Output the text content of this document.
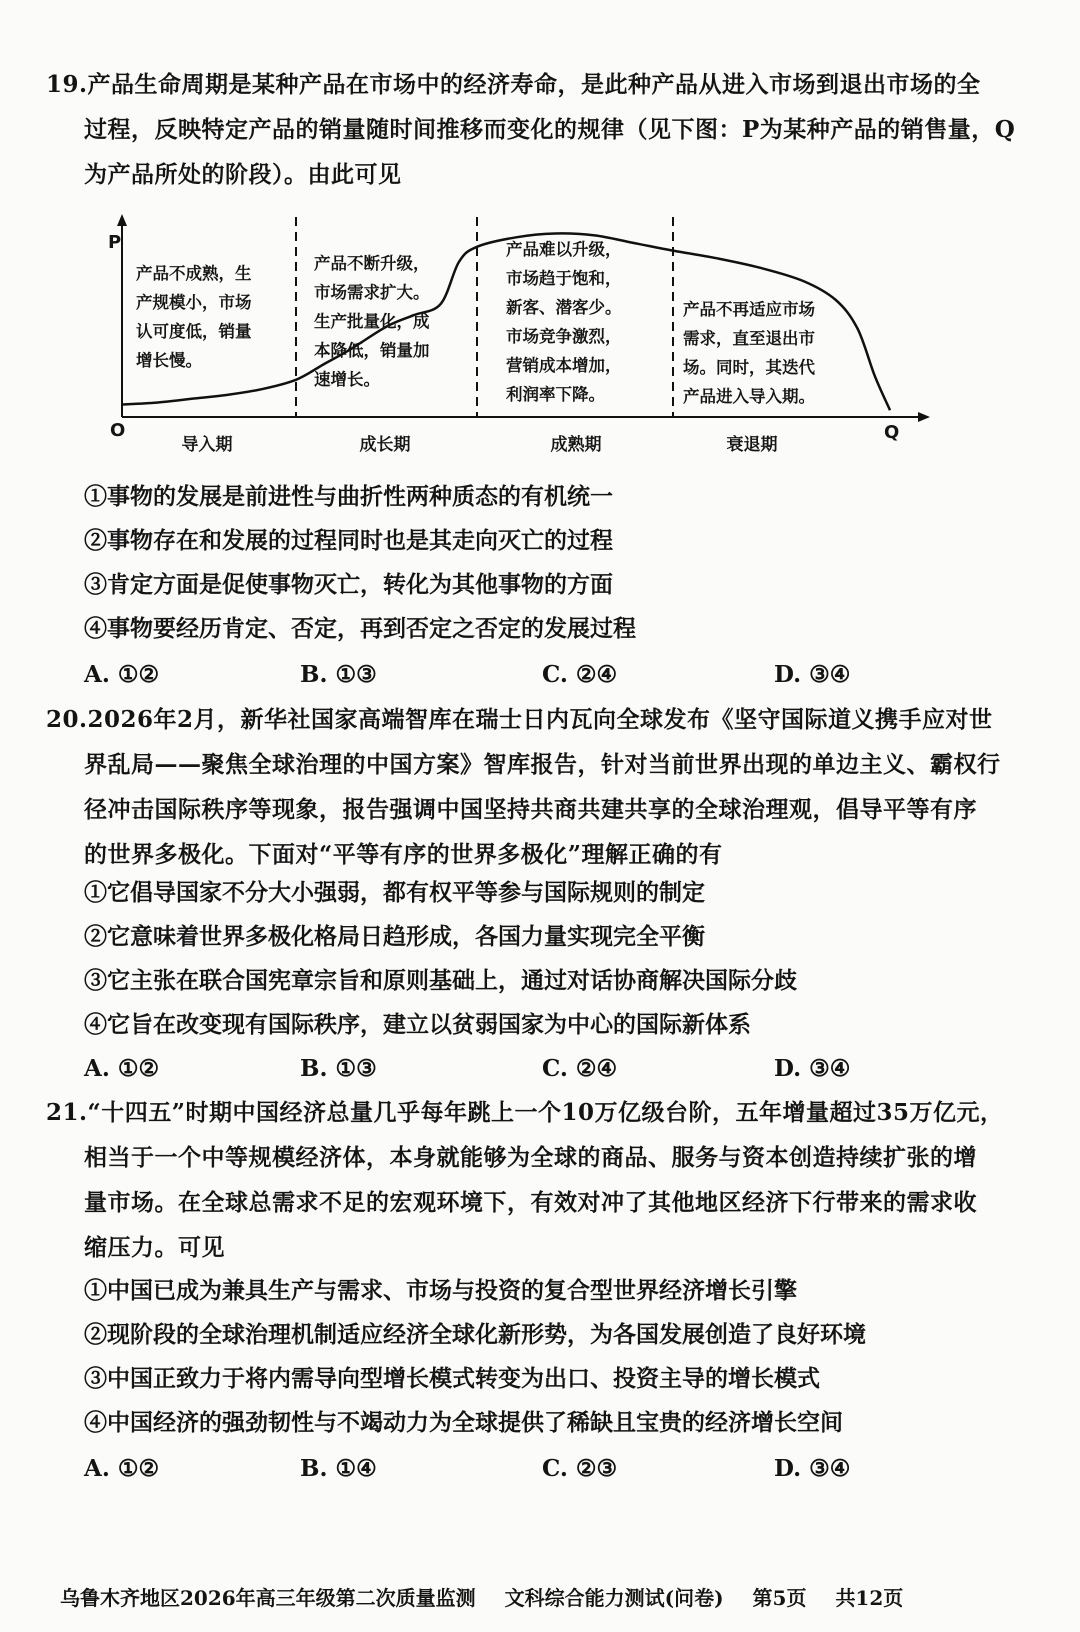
19.产品生命周期是某种产品在市场中的经济寿命，是此种产品从进入市场到退出市场的全
过程，反映特定产品的销量随时间推移而变化的规律（见下图：P为某种产品的销售量，Q
为产品所处的阶段）。由此可见
P
O	Q
导入期	成长期	成熟期	衰退期
产品不成熟，生
产规模小，市场
认可度低，销量
增长慢。
产品不断升级，
市场需求扩大。
生产批量化，成
本降低，销量加
速增长。
产品难以升级，
市场趋于饱和，
新客、潜客少。
市场竞争激烈，
营销成本增加，
利润率下降。
产品不再适应市场
需求，直至退出市
场。同时，其迭代
产品进入导入期。
①事物的发展是前进性与曲折性两种质态的有机统一
②事物存在和发展的过程同时也是其走向灭亡的过程
③肯定方面是促使事物灭亡，转化为其他事物的方面
④事物要经历肯定、否定，再到否定之否定的发展过程
A. ①②	B. ①③	C. ②④	D. ③④
20.2026年2月，新华社国家高端智库在瑞士日内瓦向全球发布《坚守国际道义携手应对世
界乱局——聚焦全球治理的中国方案》智库报告，针对当前世界出现的单边主义、霸权行
径冲击国际秩序等现象，报告强调中国坚持共商共建共享的全球治理观，倡导平等有序
的世界多极化。下面对“平等有序的世界多极化”理解正确的有
①它倡导国家不分大小强弱，都有权平等参与国际规则的制定
②它意味着世界多极化格局日趋形成，各国力量实现完全平衡
③它主张在联合国宪章宗旨和原则基础上，通过对话协商解决国际分歧
④它旨在改变现有国际秩序，建立以贫弱国家为中心的国际新体系
A. ①②	B. ①③	C. ②④	D. ③④
21.“十四五”时期中国经济总量几乎每年跳上一个10万亿级台阶，五年增量超过35万亿元，
相当于一个中等规模经济体，本身就能够为全球的商品、服务与资本创造持续扩张的增
量市场。在全球总需求不足的宏观环境下，有效对冲了其他地区经济下行带来的需求收
缩压力。可见
①中国已成为兼具生产与需求、市场与投资的复合型世界经济增长引擎
②现阶段的全球治理机制适应经济全球化新形势，为各国发展创造了良好环境
③中国正致力于将内需导向型增长模式转变为出口、投资主导的增长模式
④中国经济的强劲韧性与不竭动力为全球提供了稀缺且宝贵的经济增长空间
A. ①②	B. ①④	C. ②③	D. ③④
乌鲁木齐地区2026年高三年级第二次质量监测 文科综合能力测试(问卷) 第5页 共12页
